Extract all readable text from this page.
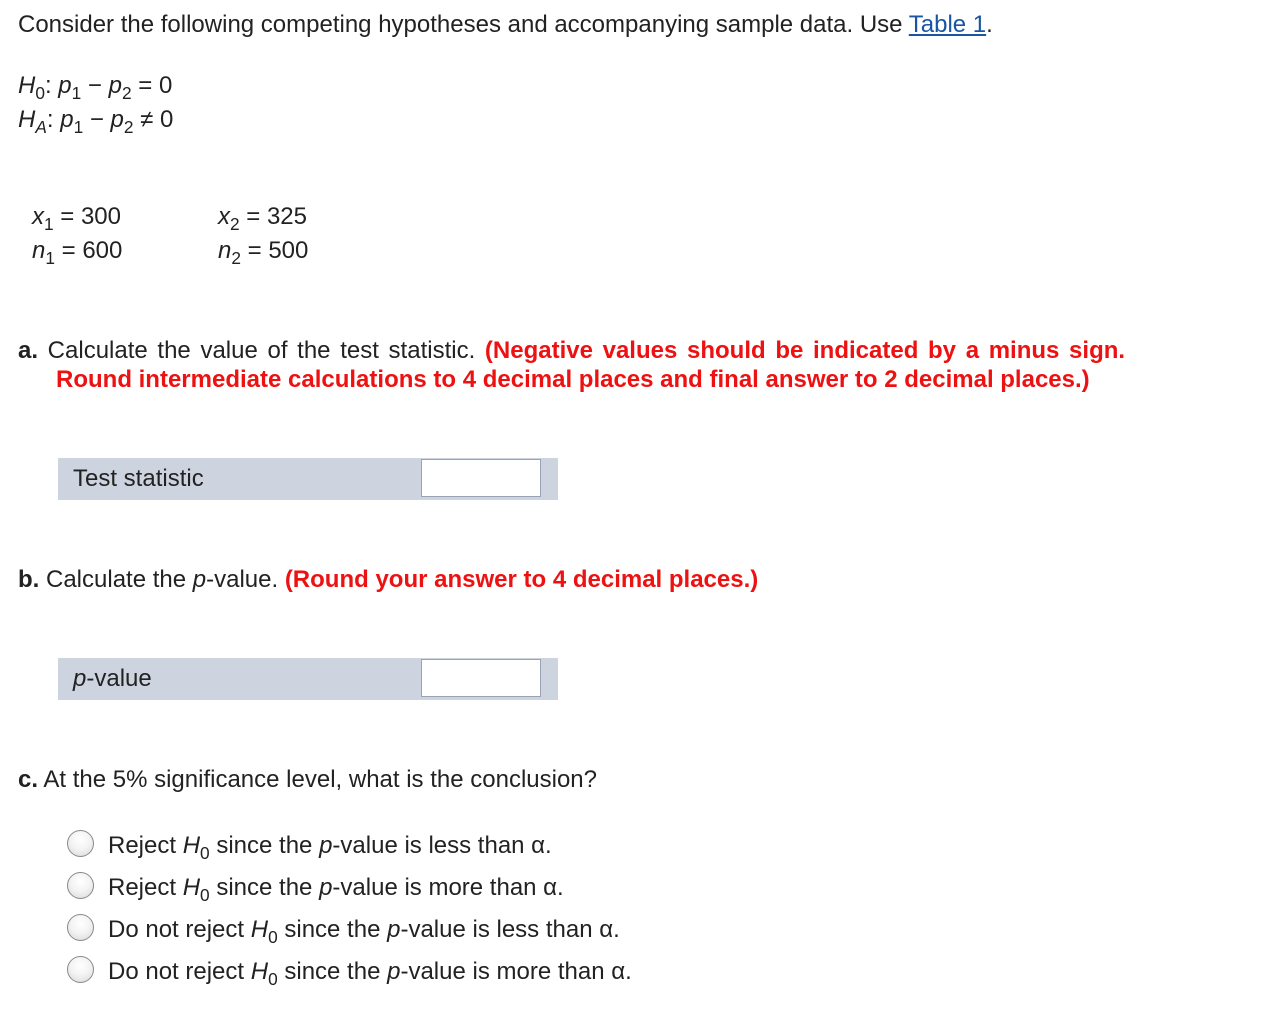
Consider the following competing hypotheses and accompanying sample data. Use Table 1.
$H_0$: $p_1 - p_2 = 0$
$H_A$: $p_1 - p_2 \ne 0$
$x_1 = 300$
$n_1 = 600$
$x_2 = 325$
$n_2 = 500$
a. Calculate the value of the test statistic. (Negative values should be indicated by a minus sign.
Round intermediate calculations to 4 decimal places and final answer to 2 decimal places.)
Test statistic
b. Calculate the p-value. (Round your answer to 4 decimal places.)
p-value
c. At the 5% significance level, what is the conclusion?
Reject $H_0$ since the p-value is less than α.
Reject $H_0$ since the p-value is more than α.
Do not reject $H_0$ since the p-value is less than α.
Do not reject $H_0$ since the p-value is more than α.
